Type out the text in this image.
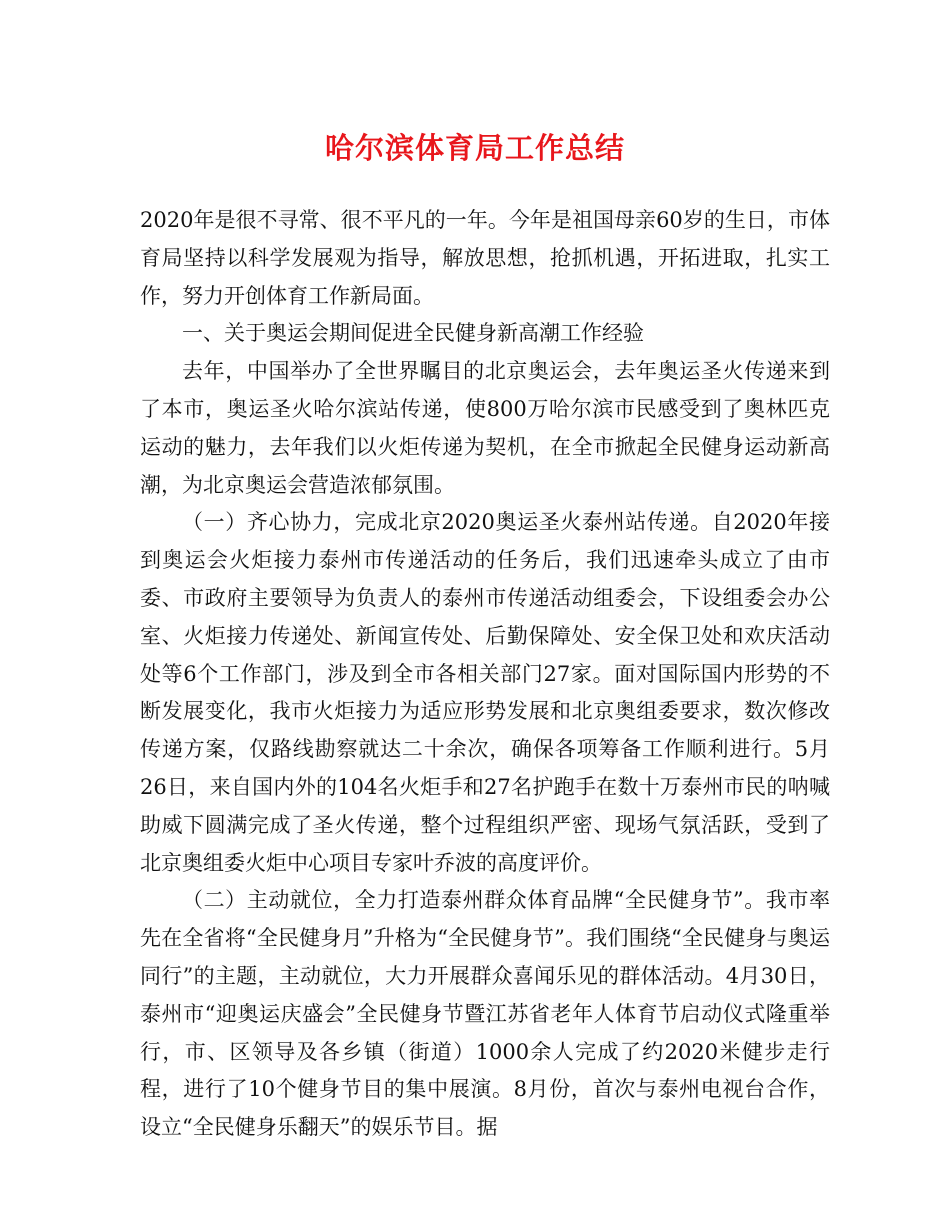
哈尔滨体育局工作总结

2020年是很不寻常、很不平凡的一年。今年是祖国母亲60岁的生日，市体育局坚持以科学发展观为指导，解放思想，抢抓机遇，开拓进取，扎实工作，努力开创体育工作新局面。

一、关于奥运会期间促进全民健身新高潮工作经验

去年，中国举办了全世界瞩目的北京奥运会，去年奥运圣火传递来到了本市，奥运圣火哈尔滨站传递，使800万哈尔滨市民感受到了奥林匹克运动的魅力，去年我们以火炬传递为契机，在全市掀起全民健身运动新高潮，为北京奥运会营造浓郁氛围。

（一）齐心协力，完成北京2020奥运圣火泰州站传递。自2020年接到奥运会火炬接力泰州市传递活动的任务后，我们迅速牵头成立了由市委、市政府主要领导为负责人的泰州市传递活动组委会，下设组委会办公室、火炬接力传递处、新闻宣传处、后勤保障处、安全保卫处和欢庆活动处等6个工作部门，涉及到全市各相关部门27家。面对国际国内形势的不断发展变化，我市火炬接力为适应形势发展和北京奥组委要求，数次修改传递方案，仅路线勘察就达二十余次，确保各项筹备工作顺利进行。5月26日，来自国内外的104名火炬手和27名护跑手在数十万泰州市民的呐喊助威下圆满完成了圣火传递，整个过程组织严密、现场气氛活跃，受到了北京奥组委火炬中心项目专家叶乔波的高度评价。

（二）主动就位，全力打造泰州群众体育品牌“全民健身节”。我市率先在全省将“全民健身月”升格为“全民健身节”。我们围绕“全民健身与奥运同行”的主题，主动就位，大力开展群众喜闻乐见的群体活动。4月30日，泰州市“迎奥运庆盛会”全民健身节暨江苏省老年人体育节启动仪式隆重举行，市、区领导及各乡镇（街道）1000余人完成了约2020米健步走行程，进行了10个健身节目的集中展演。8月份，首次与泰州电视台合作，设立“全民健身乐翻天”的娱乐节目。据
